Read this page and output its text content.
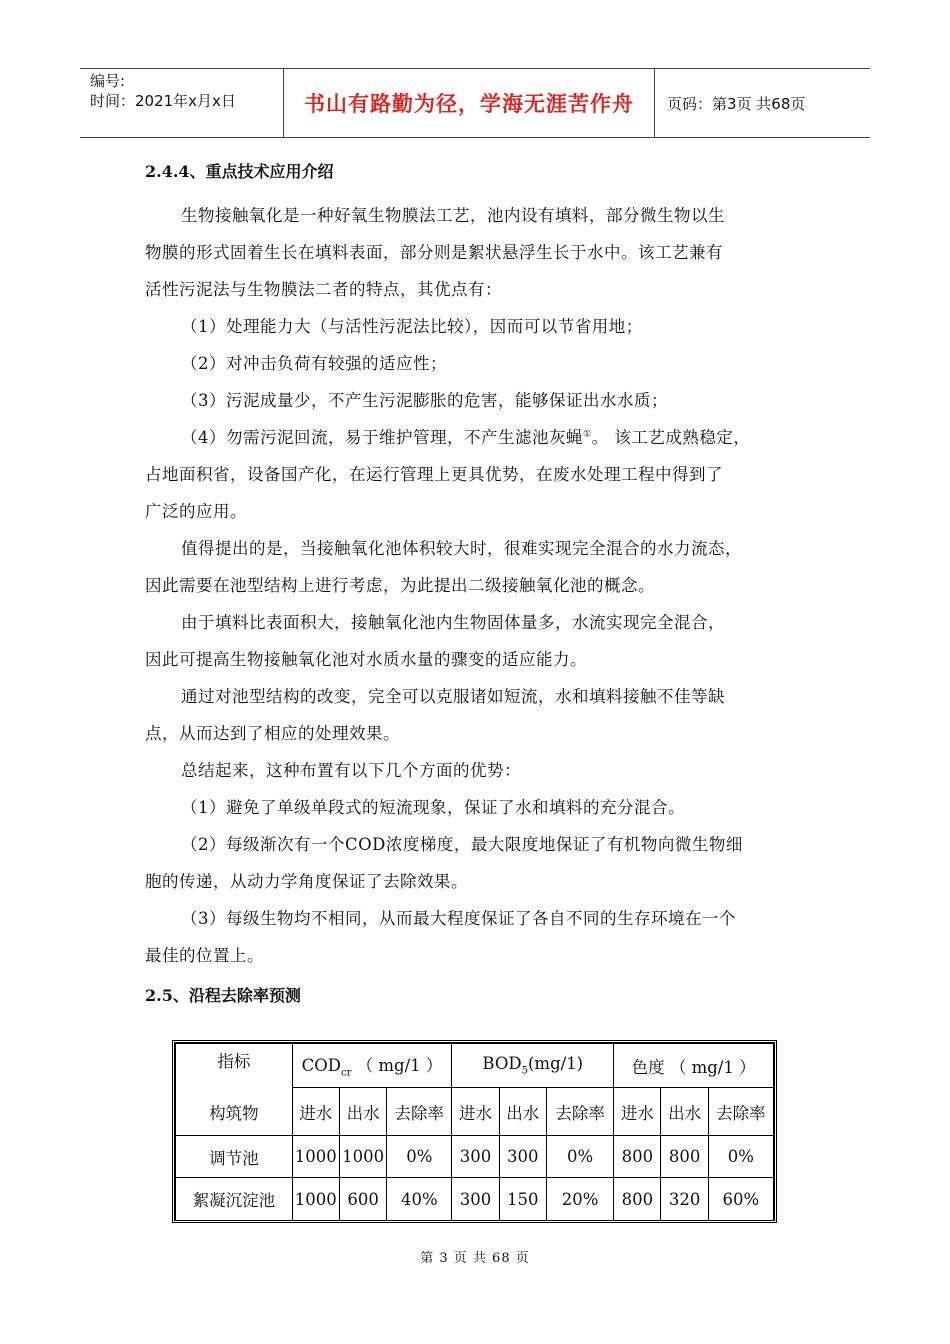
编号:
时间：2021年x月x日	书山有路勤为径，学海无涯苦作舟	页码：第3页 共68页

2.4.4、重点技术应用介绍

生物接触氧化是一种好氧生物膜法工艺，池内设有填料，部分微生物以生

物膜的形式固着生长在填料表面，部分则是絮状悬浮生长于水中。该工艺兼有

活性污泥法与生物膜法二者的特点，其优点有：

（1）处理能力大（与活性污泥法比较），因而可以节省用地；

（2）对冲击负荷有较强的适应性；

（3）污泥成量少，不产生污泥膨胀的危害，能够保证出水水质；

（4）勿需污泥回流，易于维护管理，不产生滤池灰蝇①。 该工艺成熟稳定，

占地面积省，设备国产化，在运行管理上更具优势，在废水处理工程中得到了

广泛的应用。

值得提出的是，当接触氧化池体积较大时，很难实现完全混合的水力流态，

因此需要在池型结构上进行考虑，为此提出二级接触氧化池的概念。

由于填料比表面积大，接触氧化池内生物固体量多，水流实现完全混合，

因此可提高生物接触氧化池对水质水量的骤变的适应能力。

通过对池型结构的改变，完全可以克服诸如短流，水和填料接触不佳等缺

点，从而达到了相应的处理效果。

总结起来，这种布置有以下几个方面的优势：

（1）避免了单级单段式的短流现象，保证了水和填料的充分混合。

（2）每级渐次有一个COD浓度梯度，最大限度地保证了有机物向微生物细

胞的传递，从动力学角度保证了去除效果。

（3）每级生物均不相同，从而最大程度保证了各自不同的生存环境在一个

最佳的位置上。

2.5、沿程去除率预测

指标
构筑物	$COD_{cr}$ （ mg/1 ）			$BOD_5(mg/1)$			色度 （ mg/1 ）		
	进水	出水	去除率	进水	出水	去除率	进水	出水	去除率
调节池	1000	1000	0%	300	300	0%	800	800	0%
絮凝沉淀池	1000	600	40%	300	150	20%	800	320	60%
第 3 页 共 68 页
